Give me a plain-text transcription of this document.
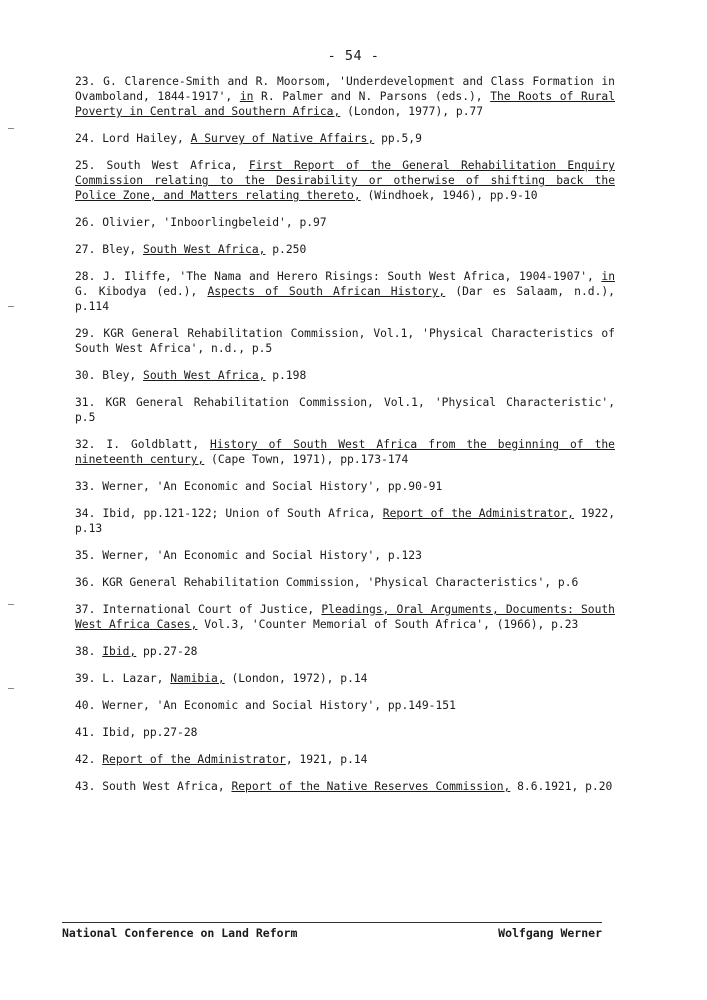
- 54 -
23. G. Clarence-Smith and R. Moorsom, 'Underdevelopment and Class Formation in Ovamboland, 1844-1917', in R. Palmer and N. Parsons (eds.), The Roots of Rural Poverty in Central and Southern Africa, (London, 1977), p.77
24. Lord Hailey, A Survey of Native Affairs, pp.5,9
25. South West Africa, First Report of the General Rehabilitation Enquiry Commission relating to the Desirability or otherwise of shifting back the Police Zone, and Matters relating thereto, (Windhoek, 1946), pp.9-10
26. Olivier, 'Inboorlingbeleid', p.97
27. Bley, South West Africa, p.250
28. J. Iliffe, 'The Nama and Herero Risings: South West Africa, 1904-1907', in G. Kibodya (ed.), Aspects of South African History, (Dar es Salaam, n.d.), p.114
29. KGR General Rehabilitation Commission, Vol.1, 'Physical Characteristics of South West Africa', n.d., p.5
30. Bley, South West Africa, p.198
31. KGR General Rehabilitation Commission, Vol.1, 'Physical Characteristic', p.5
32. I. Goldblatt, History of South West Africa from the beginning of the nineteenth century, (Cape Town, 1971), pp.173-174
33. Werner, 'An Economic and Social History', pp.90-91
34. Ibid, pp.121-122; Union of South Africa, Report of the Administrator, 1922, p.13
35. Werner, 'An Economic and Social History', p.123
36. KGR General Rehabilitation Commission, 'Physical Characteristics', p.6
37. International Court of Justice, Pleadings, Oral Arguments, Documents: South West Africa Cases, Vol.3, 'Counter Memorial of South Africa', (1966), p.23
38. Ibid, pp.27-28
39. L. Lazar, Namibia, (London, 1972), p.14
40. Werner, 'An Economic and Social History', pp.149-151
41. Ibid, pp.27-28
42. Report of the Administrator, 1921, p.14
43. South West Africa, Report of the Native Reserves Commission, 8.6.1921, p.20
National Conference on Land Reform	Wolfgang Werner
